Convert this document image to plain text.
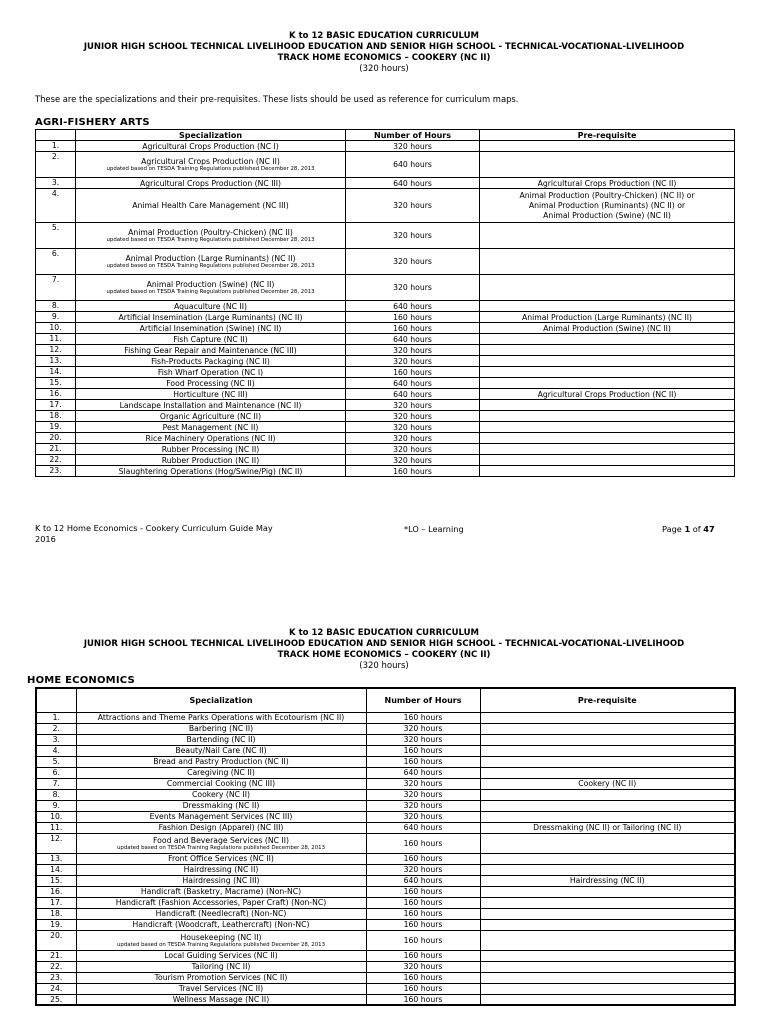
K to 12 BASIC EDUCATION CURRICULUM

JUNIOR HIGH SCHOOL TECHNICAL LIVELIHOOD EDUCATION AND SENIOR HIGH SCHOOL - TECHNICAL-VOCATIONAL-LIVELIHOOD

TRACK HOME ECONOMICS – COOKERY (NC II)

(320 hours)

These are the specializations and their pre-requisites. These lists should be used as reference for curriculum maps.
AGRI-FISHERY ARTS
	Specialization	Number of Hours	Pre-requisite
1.	Agricultural Crops Production (NC I)	320 hours	
2.	Agricultural Crops Production (NC II)
updated based on TESDA Training Regulations published December 28, 2013	640 hours	
3.	Agricultural Crops Production (NC III)	640 hours	Agricultural Crops Production (NC II)
4.	Animal Health Care Management (NC III)	320 hours	Animal Production (Poultry-Chicken) (NC II) or
Animal Production (Ruminants) (NC II) or
Animal Production (Swine) (NC II)
5.	Animal Production (Poultry-Chicken) (NC II)
updated based on TESDA Training Regulations published December 28, 2013	320 hours	
6.	Animal Production (Large Ruminants) (NC II)
updated based on TESDA Training Regulations published December 28, 2013	320 hours	
7.	Animal Production (Swine) (NC II)
updated based on TESDA Training Regulations published December 28, 2013	320 hours	
8.	Aquaculture (NC II)	640 hours	
9.	Artificial Insemination (Large Ruminants) (NC II)	160 hours	Animal Production (Large Ruminants) (NC II)
10.	Artificial Insemination (Swine) (NC II)	160 hours	Animal Production (Swine) (NC II)
11.	Fish Capture (NC II)	640 hours	
12.	Fishing Gear Repair and Maintenance (NC III)	320 hours	
13.	Fish-Products Packaging (NC II)	320 hours	
14.	Fish Wharf Operation (NC I)	160 hours	
15.	Food Processing (NC II)	640 hours	
16.	Horticulture (NC III)	640 hours	Agricultural Crops Production (NC II)
17.	Landscape Installation and Maintenance (NC II)	320 hours	
18.	Organic Agriculture (NC II)	320 hours	
19.	Pest Management (NC II)	320 hours	
20.	Rice Machinery Operations (NC II)	320 hours	
21.	Rubber Processing (NC II)	320 hours	
22.	Rubber Production (NC II)	320 hours	
23.	Slaughtering Operations (Hog/Swine/Pig) (NC II)	160 hours	
K to 12 Home Economics - Cookery Curriculum Guide May
2016
*LO – Learning	Page 1 of 47

K to 12 BASIC EDUCATION CURRICULUM

JUNIOR HIGH SCHOOL TECHNICAL LIVELIHOOD EDUCATION AND SENIOR HIGH SCHOOL - TECHNICAL-VOCATIONAL-LIVELIHOOD

TRACK HOME ECONOMICS – COOKERY (NC II)

(320 hours)

HOME ECONOMICS
	Specialization	Number of Hours	Pre-requisite
1.	Attractions and Theme Parks Operations with Ecotourism (NC II)	160 hours	
2.	Barbering (NC II)	320 hours	
3.	Bartending (NC II)	320 hours	
4.	Beauty/Nail Care (NC II)	160 hours	
5.	Bread and Pastry Production (NC II)	160 hours	
6.	Caregiving (NC II)	640 hours	
7.	Commercial Cooking (NC III)	320 hours	Cookery (NC II)
8.	Cookery (NC II)	320 hours	
9.	Dressmaking (NC II)	320 hours	
10.	Events Management Services (NC III)	320 hours	
11.	Fashion Design (Apparel) (NC III)	640 hours	Dressmaking (NC II) or Tailoring (NC II)
12.	Food and Beverage Services (NC II)
updated based on TESDA Training Regulations published December 28, 2013	160 hours	
13.	Front Office Services (NC II)	160 hours	
14.	Hairdressing (NC II)	320 hours	
15.	Hairdressing (NC III)	640 hours	Hairdressing (NC II)
16.	Handicraft (Basketry, Macrame) (Non-NC)	160 hours	
17.	Handicraft (Fashion Accessories, Paper Craft) (Non-NC)	160 hours	
18.	Handicraft (Needlecraft) (Non-NC)	160 hours	
19.	Handicraft (Woodcraft, Leathercraft) (Non-NC)	160 hours	
20.	Housekeeping (NC II)
updated based on TESDA Training Regulations published December 28, 2013	160 hours	
21.	Local Guiding Services (NC II)	160 hours	
22.	Tailoring (NC II)	320 hours	
23.	Tourism Promotion Services (NC II)	160 hours	
24.	Travel Services (NC II)	160 hours	
25.	Wellness Massage (NC II)	160 hours	
